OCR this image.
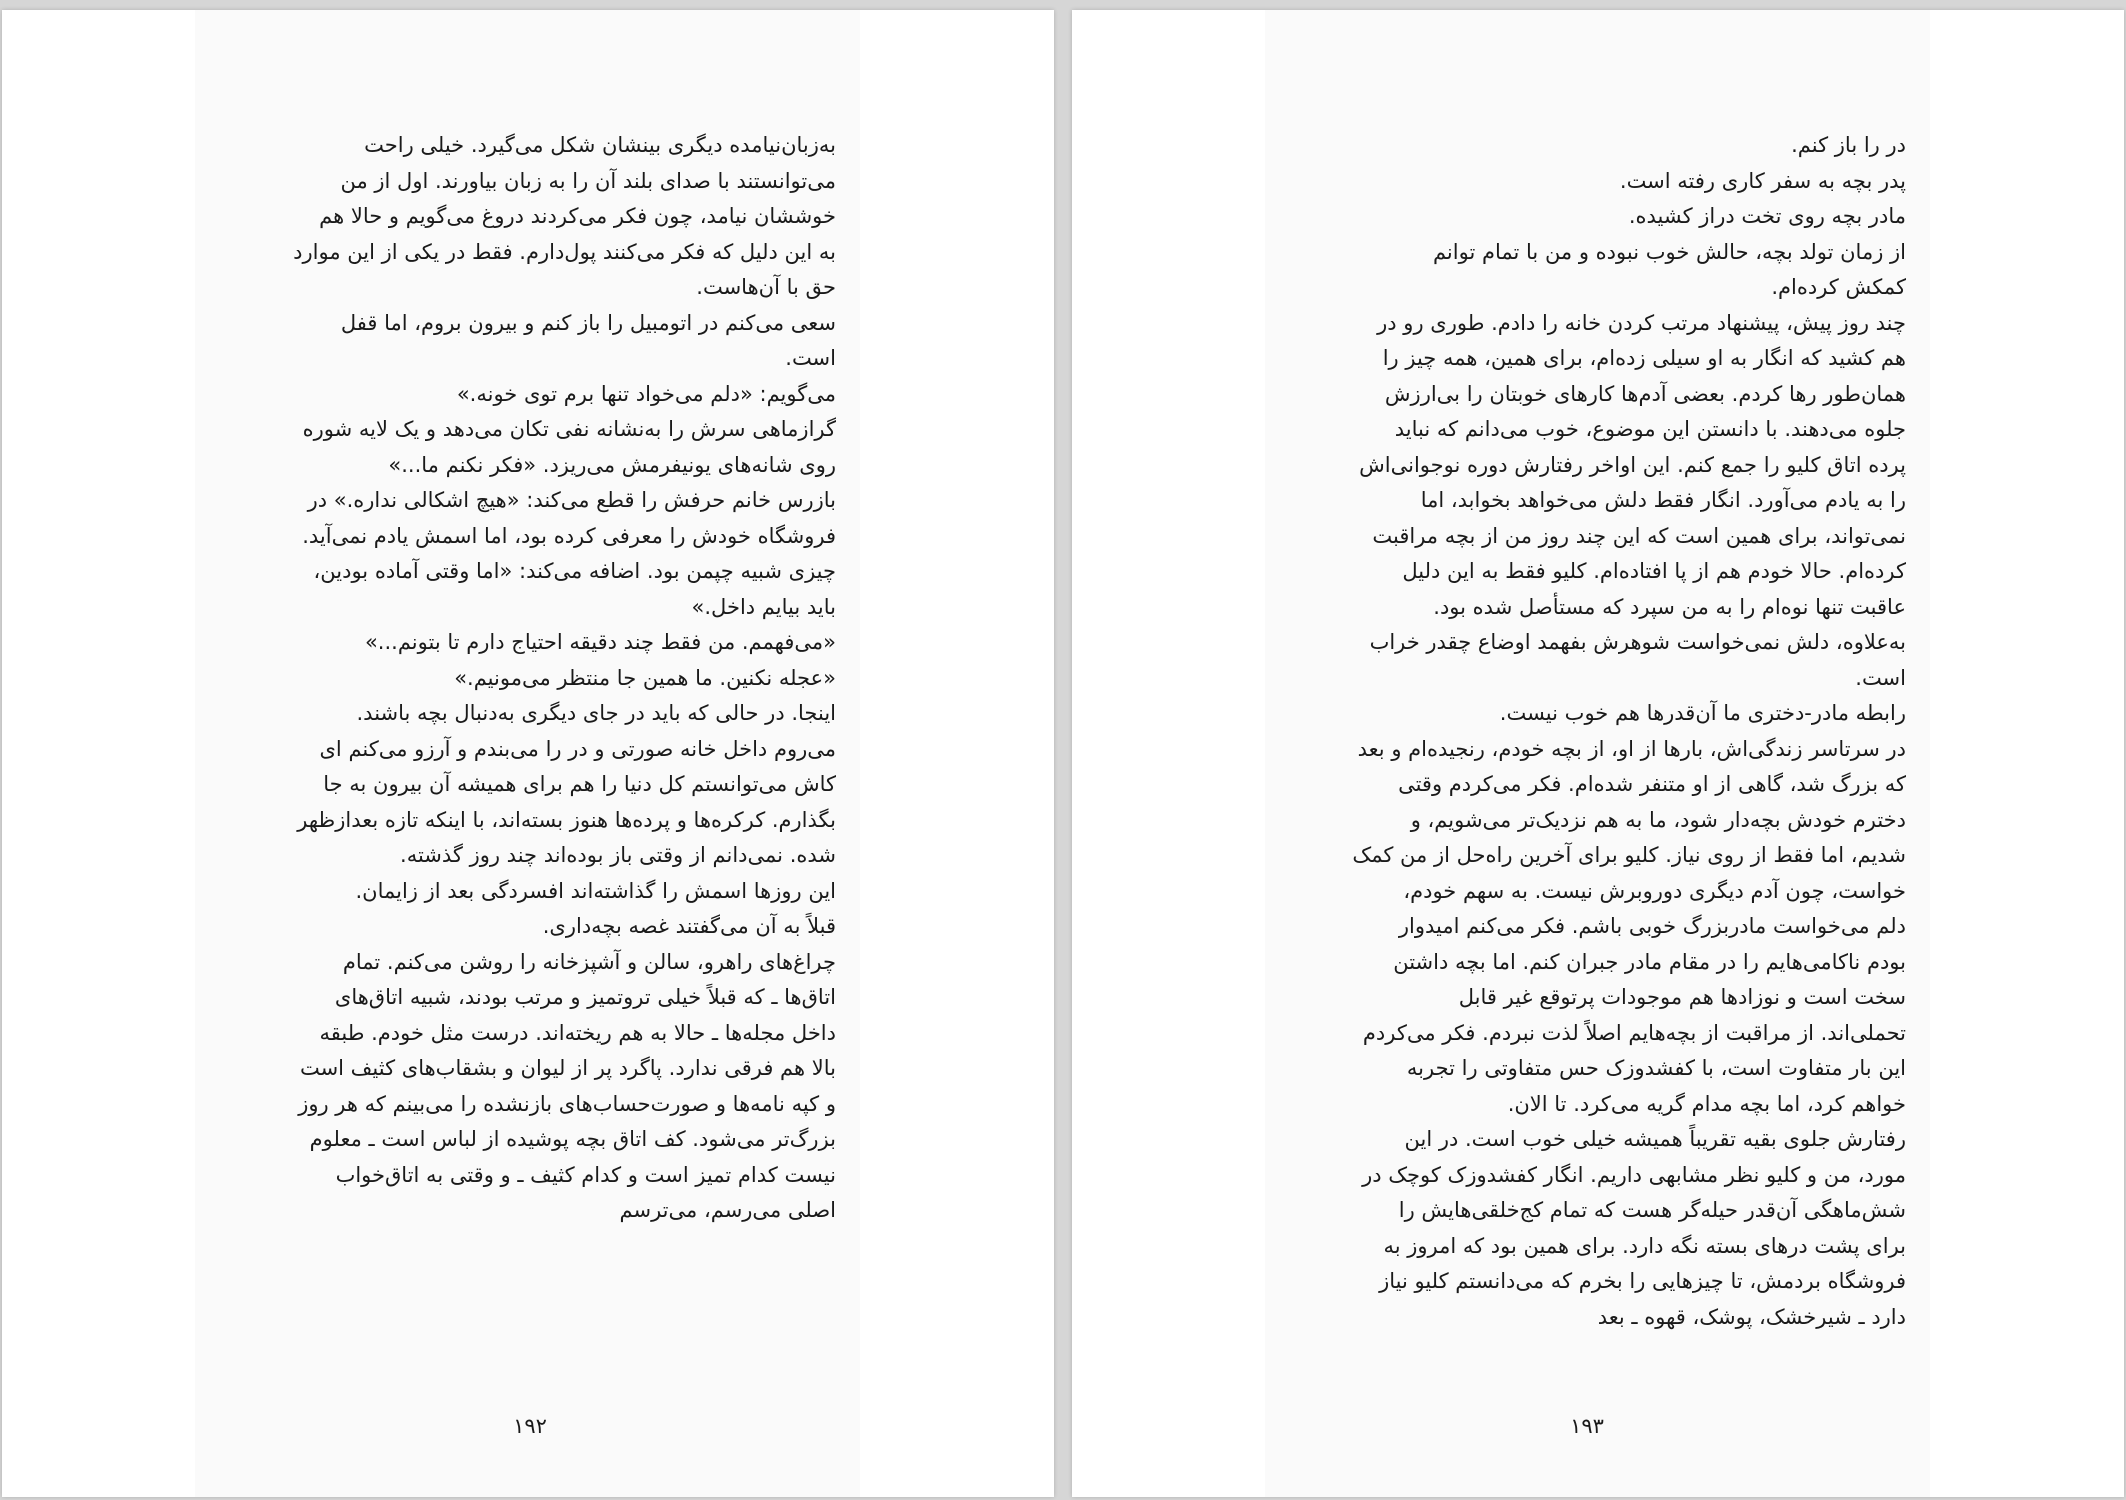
به‌زبان‌نیامده دیگری بینشان شکل می‌گیرد. خیلی راحت
می‌توانستند با صدای بلند آن را به زبان بیاورند. اول از من
خوششان نیامد، چون فکر می‌کردند دروغ می‌گویم و حالا هم
به این دلیل که فکر می‌کنند پول‌دارم. فقط در یکی از این موارد
حق با آن‌هاست.
سعی می‌کنم در اتومبیل را باز کنم و بیرون بروم، اما قفل
است.
می‌گویم: «دلم می‌خواد تنها برم توی خونه.»
گرازماهی سرش را به‌نشانه نفی تکان می‌دهد و یک لایه شوره
روی شانه‌های یونیفرمش می‌ریزد. «فکر نکنم ما...»
بازرس خانم حرفش را قطع می‌کند: «هیچ اشکالی نداره.» در
فروشگاه خودش را معرفی کرده بود، اما اسمش یادم نمی‌آید.
چیزی شبیه چپمن بود. اضافه می‌کند: «اما وقتی آماده بودین،
باید بیایم داخل.»
«می‌فهمم. من فقط چند دقیقه احتیاج دارم تا بتونم...»
«عجله نکنین. ما همین جا منتظر می‌مونیم.»
اینجا. در حالی که باید در جای دیگری به‌دنبال بچه باشند.
می‌روم داخل خانه صورتی و در را می‌بندم و آرزو می‌کنم ای
کاش می‌توانستم کل دنیا را هم برای همیشه آن بیرون به جا
بگذارم. کرکره‌ها و پرده‌ها هنوز بسته‌اند، با اینکه تازه بعدازظهر
شده. نمی‌دانم از وقتی باز بوده‌اند چند روز گذشته.
این روزها اسمش را گذاشته‌اند افسردگی بعد از زایمان.
قبلاً به آن می‌گفتند غصه بچه‌داری.
چراغ‌های راهرو، سالن و آشپزخانه را روشن می‌کنم. تمام
اتاق‌ها ـ که قبلاً خیلی تروتمیز و مرتب بودند، شبیه اتاق‌های
داخل مجله‌ها ـ حالا به هم ریخته‌اند. درست مثل خودم. طبقه
بالا هم فرقی ندارد. پاگرد پر از لیوان و بشقاب‌های کثیف است
و کپه نامه‌ها و صورت‌حساب‌های بازنشده را می‌بینم که هر روز
بزرگ‌تر می‌شود. کف اتاق بچه پوشیده از لباس است ـ معلوم
نیست کدام تمیز است و کدام کثیف ـ و وقتی به اتاق‌خواب
اصلی می‌رسم، می‌ترسم
۱۹۲
در را باز کنم.
پدر بچه به سفر کاری رفته است.
مادر بچه روی تخت دراز کشیده.
از زمان تولد بچه، حالش خوب نبوده و من با تمام توانم
کمکش کرده‌ام.
چند روز پیش، پیشنهاد مرتب کردن خانه را دادم. طوری رو در
هم کشید که انگار به او سیلی زده‌ام، برای همین، همه چیز را
همان‌طور رها کردم. بعضی آدم‌ها کارهای خوبتان را بی‌ارزش
جلوه می‌دهند. با دانستن این موضوع، خوب می‌دانم که نباید
پرده اتاق کلیو را جمع کنم. این اواخر رفتارش دوره نوجوانی‌اش
را به یادم می‌آورد. انگار فقط دلش می‌خواهد بخوابد، اما
نمی‌تواند، برای همین است که این چند روز من از بچه مراقبت
کرده‌ام. حالا خودم هم از پا افتاده‌ام. کلیو فقط به این دلیل
عاقبت تنها نوه‌ام را به من سپرد که مستأصل شده بود.
به‌علاوه، دلش نمی‌خواست شوهرش بفهمد اوضاع چقدر خراب
است.
رابطه مادر-دختری ما آن‌قدرها هم خوب نیست.
در سرتاسر زندگی‌اش، بارها از او، از بچه خودم، رنجیده‌ام و بعد
که بزرگ شد، گاهی از او متنفر شده‌ام. فکر می‌کردم وقتی
دخترم خودش بچه‌دار شود، ما به هم نزدیک‌تر می‌شویم، و
شدیم، اما فقط از روی نیاز. کلیو برای آخرین راه‌حل از من کمک
خواست، چون آدم دیگری دوروبرش نیست. به سهم خودم،
دلم می‌خواست مادربزرگ خوبی باشم. فکر می‌کنم امیدوار
بودم ناکامی‌هایم را در مقام مادر جبران کنم. اما بچه داشتن
سخت است و نوزادها هم موجودات پرتوقع غیر قابل
تحملی‌اند. از مراقبت از بچه‌هایم اصلاً لذت نبردم. فکر می‌کردم
این بار متفاوت است، با کفشدوزک حس متفاوتی را تجربه
خواهم کرد، اما بچه مدام گریه می‌کرد. تا الان.
رفتارش جلوی بقیه تقریباً همیشه خیلی خوب است. در این
مورد، من و کلیو نظر مشابهی داریم. انگار کفشدوزک کوچک در
شش‌ماهگی آن‌قدر حیله‌گر هست که تمام کج‌خلقی‌هایش را
برای پشت درهای بسته نگه دارد. برای همین بود که امروز به
فروشگاه بردمش، تا چیزهایی را بخرم که می‌دانستم کلیو نیاز
دارد ـ شیرخشک، پوشک، قهوه ـ بعد
۱۹۳
